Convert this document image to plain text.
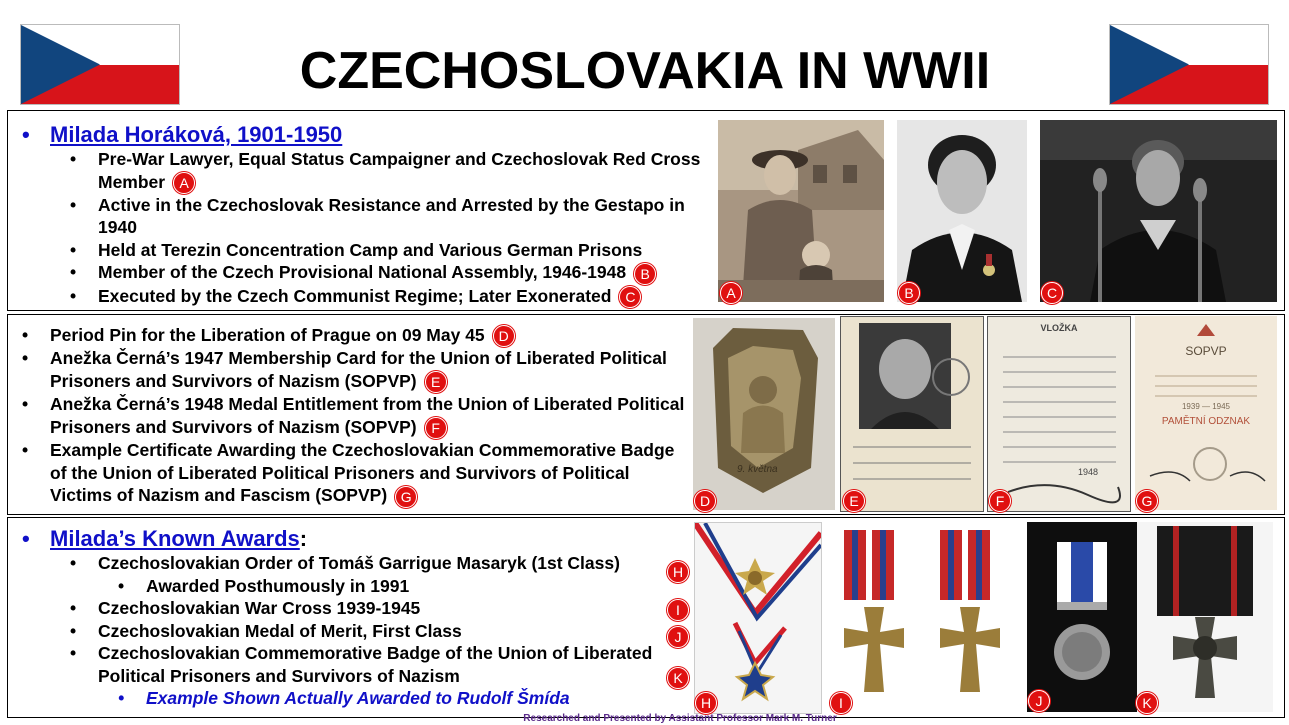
CZECHOSLOVAKIA IN WWII
• Milada Horáková, 1901-1950
• Pre-War Lawyer, Equal Status Campaigner and Czechoslovak Red Cross Member A
• Active in the Czechoslovak Resistance and Arrested by the Gestapo in 1940
• Held at Terezin Concentration Camp and Various German Prisons
• Member of the Czech Provisional National Assembly, 1946-1948 B
• Executed by the Czech Communist Regime; Later Exonerated C	A	B	C
• Period Pin for the Liberation of Prague on 09 May 45 D
• Anežka Černá’s 1947 Membership Card for the Union of Liberated Political Prisoners and Survivors of Nazism (SOPVP) E
• Anežka Černá’s 1948 Medal Entitlement from the Union of Liberated Political Prisoners and Survivors of Nazism (SOPVP) F
• Example Certificate Awarding the Czechoslovakian Commemorative Badge of the Union of Liberated Political Prisoners and Survivors of Political Victims of Nazism and Fascism (SOPVP) G
9. května
VLOŽKA
1948
SOPVP
1939 — 1945
PAMĚTNÍ ODZNAK
D	E	F	G
• Milada’s Known Awards:
• Czechoslovakian Order of Tomáš Garrigue Masaryk (1st Class)
• Awarded Posthumously in 1991
• Czechoslovakian War Cross 1939-1945
• Czechoslovakian Medal of Merit, First Class
• Czechoslovakian Commemorative Badge of the Union of Liberated Political Prisoners and Survivors of Nazism
• Example Shown Actually Awarded to Rudolf Šmída
H
I
J
K
H	I	J	K
Researched and Presented by Assistant Professor Mark M. Turner
